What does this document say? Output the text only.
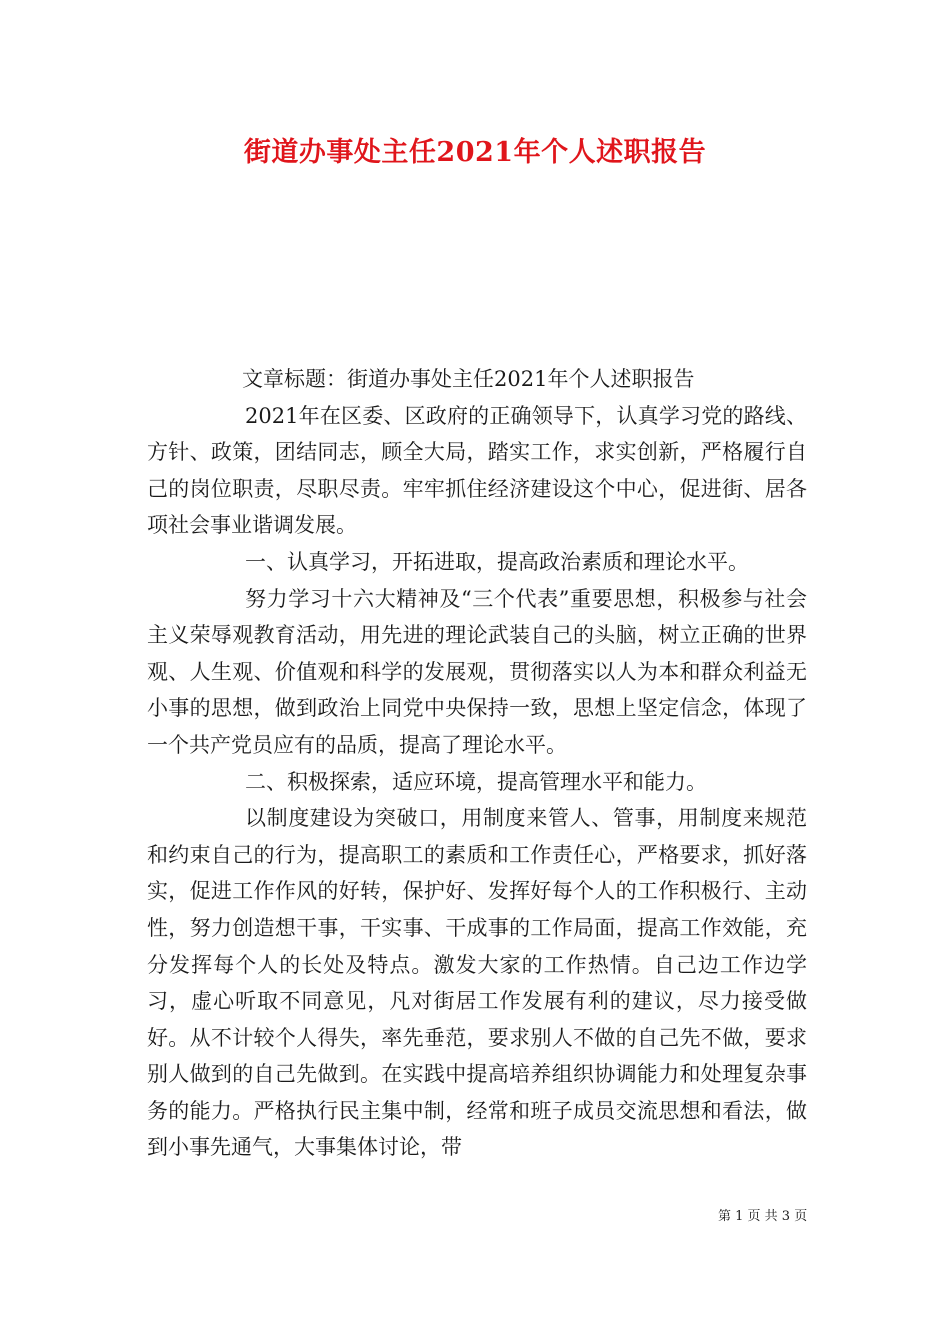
街道办事处主任2021年个人述职报告

文章标题：街道办事处主任2021年个人述职报告

2021年在区委、区政府的正确领导下，认真学习党的路线、方针、政策，团结同志，顾全大局，踏实工作，求实创新，严格履行自己的岗位职责，尽职尽责。牢牢抓住经济建设这个中心，促进街、居各项社会事业谐调发展。

一、认真学习，开拓进取，提高政治素质和理论水平。

努力学习十六大精神及“三个代表”重要思想，积极参与社会主义荣辱观教育活动，用先进的理论武装自己的头脑，树立正确的世界观、人生观、价值观和科学的发展观，贯彻落实以人为本和群众利益无小事的思想，做到政治上同党中央保持一致，思想上坚定信念，体现了一个共产党员应有的品质，提高了理论水平。

二、积极探索，适应环境，提高管理水平和能力。

以制度建设为突破口，用制度来管人、管事，用制度来规范和约束自己的行为，提高职工的素质和工作责任心，严格要求，抓好落实，促进工作作风的好转，保护好、发挥好每个人的工作积极行、主动性，努力创造想干事，干实事、干成事的工作局面，提高工作效能，充分发挥每个人的长处及特点。激发大家的工作热情。自己边工作边学习，虚心听取不同意见，凡对街居工作发展有利的建议，尽力接受做好。从不计较个人得失，率先垂范，要求别人不做的自己先不做，要求别人做到的自己先做到。在实践中提高培养组织协调能力和处理复杂事务的能力。严格执行民主集中制，经常和班子成员交流思想和看法，做到小事先通气，大事集体讨论，带

第 1 页 共 3 页
